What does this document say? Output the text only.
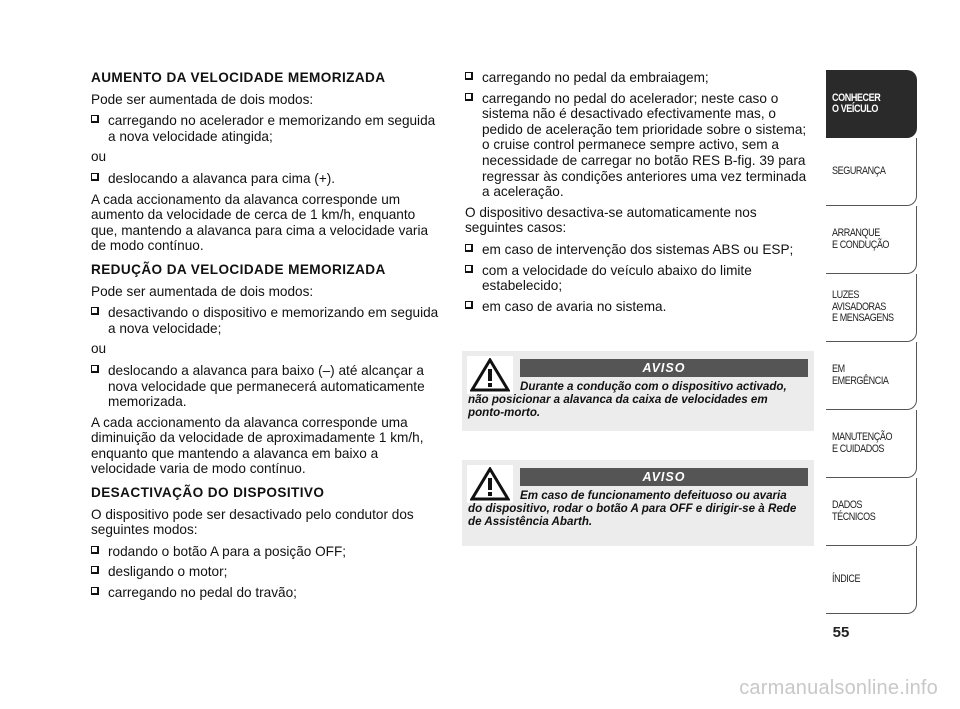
AUMENTO DA VELOCIDADE MEMORIZADA
Pode ser aumentada de dois modos:
carregando no acelerador e memorizando em seguida a nova velocidade atingida;
ou
deslocando a alavanca para cima (+).
A cada accionamento da alavanca corresponde um aumento da velocidade de cerca de 1 km/h, enquanto que, mantendo a alavanca para cima a velocidade varia de modo contínuo.
REDUÇÃO DA VELOCIDADE MEMORIZADA
Pode ser aumentada de dois modos:
desactivando o dispositivo e memorizando em seguida a nova velocidade;
ou
deslocando a alavanca para baixo (–) até alcançar a nova velocidade que permanecerá automaticamente memorizada.
A cada accionamento da alavanca corresponde uma diminuição da velocidade de aproximadamente 1 km/h, enquanto que mantendo a alavanca em baixo a velocidade varia de modo contínuo.
DESACTIVAÇÃO DO DISPOSITIVO
O dispositivo pode ser desactivado pelo condutor dos seguintes modos:
rodando o botão A para a posição OFF;
desligando o motor;
carregando no pedal do travão;
carregando no pedal da embraiagem;
carregando no pedal do acelerador; neste caso o sistema não é desactivado efectivamente mas, o pedido de aceleração tem prioridade sobre o sistema; o cruise control permanece sempre activo, sem a necessidade de carregar no botão RES B-fig. 39 para regressar às condições anteriores uma vez terminada a aceleração.
O dispositivo desactiva-se automaticamente nos seguintes casos:
em caso de intervenção dos sistemas ABS ou ESP;
com a velocidade do veículo abaixo do limite estabelecido;
em caso de avaria no sistema.
AVISO
Durante a condução com o dispositivo activado, não posicionar a alavanca da caixa de velocidades em ponto-morto.
AVISO
Em caso de funcionamento defeituoso ou avaria do dispositivo, rodar o botão A para OFF e dirigir-se à Rede de Assistência Abarth.
CONHECER
O VEÍCULO
SEGURANÇA
ARRANQUE
E CONDUÇÃO
LUZES
AVISADORAS
E MENSAGENS
EM EMERGÊNCIA
MANUTENÇÃO
E CUIDADOS
DADOS
TÉCNICOS
ÍNDICE
55
carmanualsonline.info
